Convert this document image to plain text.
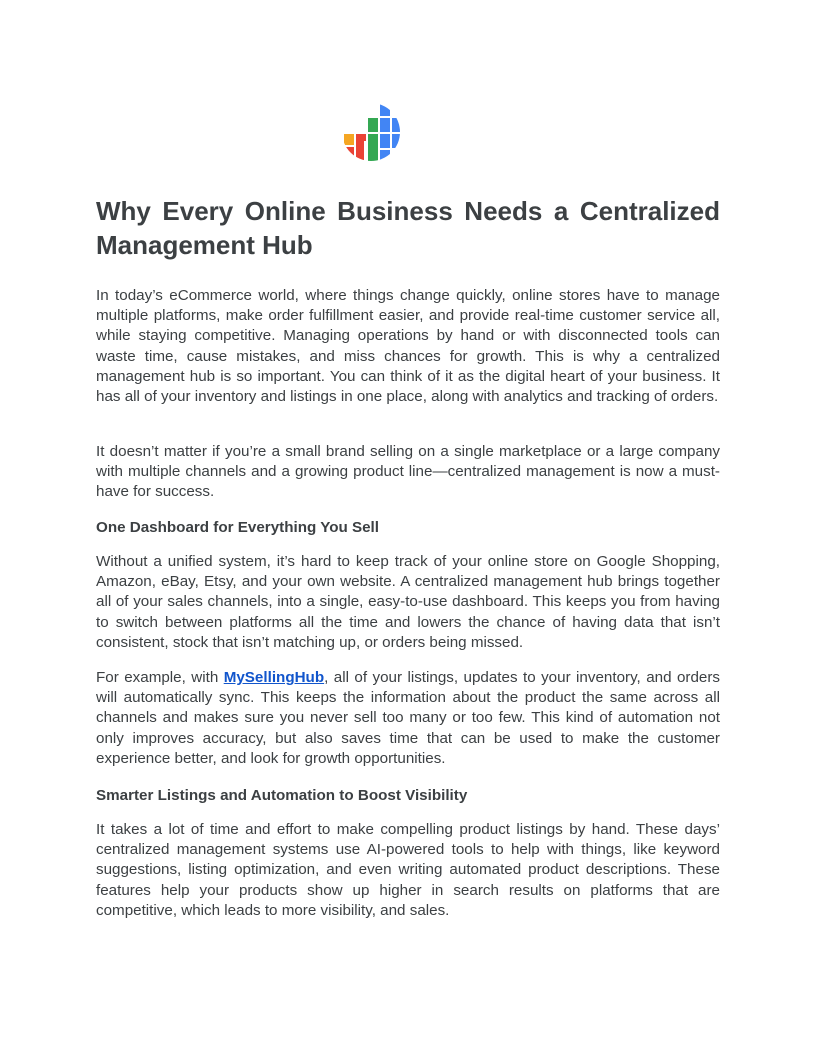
Why Every Online Business Needs a Centralized Management Hub

In today’s eCommerce world, where things change quickly, online stores have to manage multiple platforms, make order fulfillment easier, and provide real-time customer service all, while staying competitive. Managing operations by hand or with disconnected tools can waste time, cause mistakes, and miss chances for growth. This is why a centralized management hub is so important. You can think of it as the digital heart of your business. It has all of your inventory and listings in one place, along with analytics and tracking of orders.

It doesn’t matter if you’re a small brand selling on a single marketplace or a large company with multiple channels and a growing product line—centralized management is now a must-have for success.

One Dashboard for Everything You Sell

Without a unified system, it’s hard to keep track of your online store on Google Shopping, Amazon, eBay, Etsy, and your own website. A centralized management hub brings together all of your sales channels, into a single, easy-to-use dashboard. This keeps you from having to switch between platforms all the time and lowers the chance of having data that isn’t consistent, stock that isn’t matching up, or orders being missed.

For example, with MySellingHub, all of your listings, updates to your inventory, and orders will automatically sync. This keeps the information about the product the same across all channels and makes sure you never sell too many or too few. This kind of automation not only improves accuracy, but also saves time that can be used to make the customer experience better, and look for growth opportunities.

Smarter Listings and Automation to Boost Visibility

It takes a lot of time and effort to make compelling product listings by hand. These days’ centralized management systems use AI-powered tools to help with things, like keyword suggestions, listing optimization, and even writing automated product descriptions. These features help your products show up higher in search results on platforms that are competitive, which leads to more visibility, and sales.
